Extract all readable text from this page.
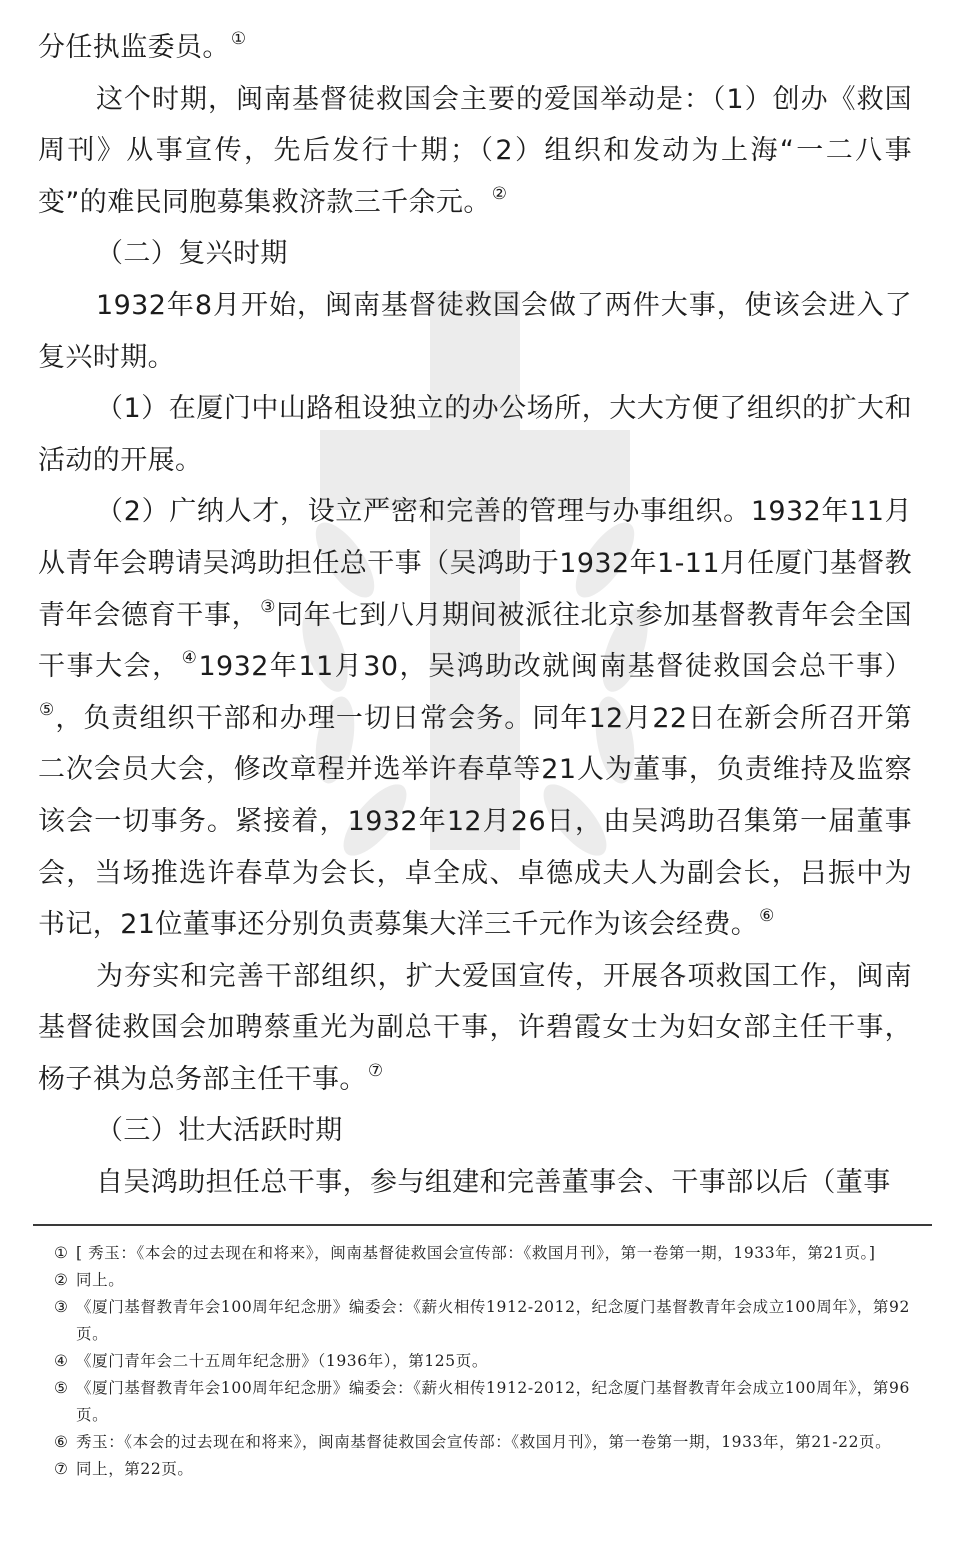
分任执监委员。①

这个时期，闽南基督徒救国会主要的爱国举动是：（1）创办《救国周刊》从事宣传，先后发行十期；（2）组织和发动为上海“一二八事变”的难民同胞募集救济款三千余元。②

（二）复兴时期

1932年8月开始，闽南基督徒救国会做了两件大事，使该会进入了复兴时期。

（1）在厦门中山路租设独立的办公场所，大大方便了组织的扩大和活动的开展。

（2）广纳人才，设立严密和完善的管理与办事组织。1932年11月从青年会聘请吴鸿助担任总干事（吴鸿助于1932年1-11月任厦门基督教青年会德育干事，③同年七到八月期间被派往北京参加基督教青年会全国干事大会，④1932年11月30，吴鸿助改就闽南基督徒救国会总干事）⑤，负责组织干部和办理一切日常会务。同年12月22日在新会所召开第二次会员大会，修改章程并选举许春草等21人为董事，负责维持及监察该会一切事务。紧接着，1932年12月26日，由吴鸿助召集第一届董事会，当场推选许春草为会长，卓全成、卓德成夫人为副会长，吕振中为书记，21位董事还分别负责募集大洋三千元作为该会经费。⑥

为夯实和完善干部组织，扩大爱国宣传，开展各项救国工作，闽南基督徒救国会加聘蔡重光为副总干事，许碧霞女士为妇女部主任干事，杨子祺为总务部主任干事。⑦

（三）壮大活跃时期

自吴鸿助担任总干事，参与组建和完善董事会、干事部以后（董事

① [ 秀玉：《本会的过去现在和将来》，闽南基督徒救国会宣传部：《救国月刊》，第一卷第一期，1933年，第21页。]
② 同上。
③ 《厦门基督教青年会100周年纪念册》编委会：《薪火相传1912-2012，纪念厦门基督教青年会成立100周年》，第92页。
④ 《厦门青年会二十五周年纪念册》（1936年），第125页。
⑤ 《厦门基督教青年会100周年纪念册》编委会：《薪火相传1912-2012，纪念厦门基督教青年会成立100周年》，第96页。
⑥ 秀玉：《本会的过去现在和将来》，闽南基督徒救国会宣传部：《救国月刊》，第一卷第一期，1933年，第21-22页。
⑦ 同上，第22页。
